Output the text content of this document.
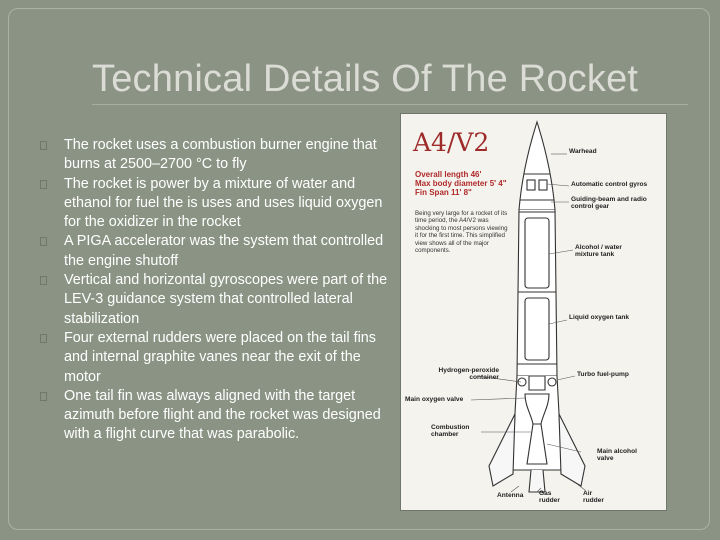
Technical Details Of The Rocket
The rocket uses a combustion burner engine that burns at 2500–2700 °C to fly
The rocket is power by a mixture of water and ethanol for fuel the is uses and uses liquid oxygen for the oxidizer in the rocket
A PIGA accelerator was the system that controlled the engine shutoff
Vertical and horizontal gyroscopes were part of the LEV-3 guidance system that controlled lateral stabilization
Four external rudders were placed on the tail fins and internal graphite vanes near the exit of the motor
One tail fin was always aligned with the target azimuth before flight and the rocket was designed with a flight curve that was parabolic.
A4/V2
Overall length 46'
Max body diameter 5' 4"
Fin Span 11' 8"
Being very large for a rocket of its time period, the A4/V2 was shocking to most persons viewing it for the first time. This simplified view shows all of the major components.
Warhead
Automatic control gyros
Guiding-beam and radio control gear
Alcohol / water mixture tank
Liquid oxygen tank
Hydrogen-peroxide container	Turbo fuel-pump
Main oxygen valve
Combustion chamber
Main alcohol valve
Antenna Gas rudder
Air rudder
